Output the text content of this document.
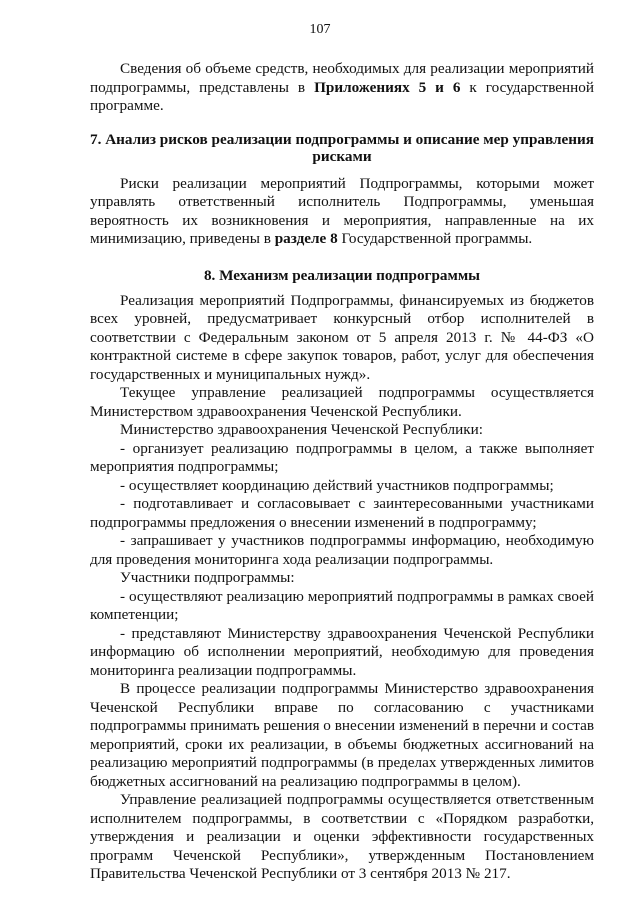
107

Сведения об объеме средств, необходимых для реализации мероприятий подпрограммы, представлены в Приложениях 5 и 6 к государственной программе.

7. Анализ рисков реализации подпрограммы и описание мер управления рисками

Риски реализации мероприятий Подпрограммы, которыми может управлять ответственный исполнитель Подпрограммы, уменьшая вероятность их возникновения и мероприятия, направленные на их минимизацию, приведены в разделе 8 Государственной программы.

8. Механизм реализации подпрограммы

Реализация мероприятий Подпрограммы, финансируемых из бюджетов всех уровней, предусматривает конкурсный отбор исполнителей в соответствии с Федеральным законом от 5 апреля 2013 г. № 44-ФЗ «О контрактной системе в сфере закупок товаров, работ, услуг для обеспечения государственных и муниципальных нужд».

Текущее управление реализацией подпрограммы осуществляется Министерством здравоохранения Чеченской Республики.

Министерство здравоохранения Чеченской Республики:

- организует реализацию подпрограммы в целом, а также выполняет мероприятия подпрограммы;

- осуществляет координацию действий участников подпрограммы;

- подготавливает и согласовывает с заинтересованными участниками подпрограммы предложения о внесении изменений в подпрограмму;

- запрашивает у участников подпрограммы информацию, необходимую для проведения мониторинга хода реализации подпрограммы.

Участники подпрограммы:

- осуществляют реализацию мероприятий подпрограммы в рамках своей компетенции;

- представляют Министерству здравоохранения Чеченской Республики информацию об исполнении мероприятий, необходимую для проведения мониторинга реализации подпрограммы.

В процессе реализации подпрограммы Министерство здравоохранения Чеченской Республики вправе по согласованию с участниками подпрограммы принимать решения о внесении изменений в перечни и состав мероприятий, сроки их реализации, в объемы бюджетных ассигнований на реализацию мероприятий подпрограммы (в пределах утвержденных лимитов бюджетных ассигнований на реализацию подпрограммы в целом).

Управление реализацией подпрограммы осуществляется ответственным исполнителем подпрограммы, в соответствии с «Порядком разработки, утверждения и реализации и оценки эффективности государственных программ Чеченской Республики», утвержденным Постановлением Правительства Чеченской Республики от 3 сентября 2013 № 217.
